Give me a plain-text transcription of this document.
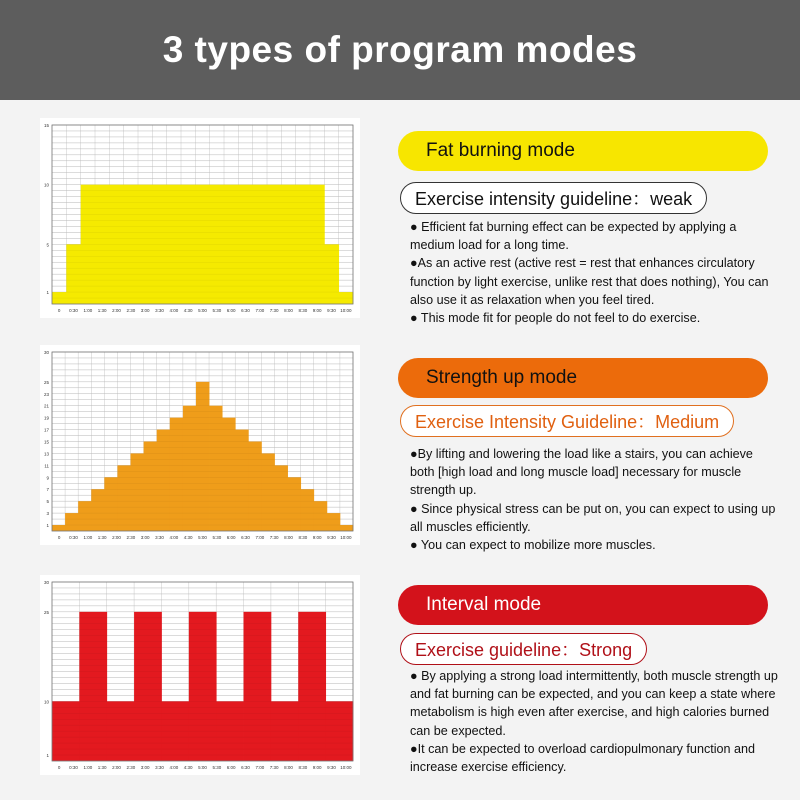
3 types of program modes
1
5
10
15
0 0:30 1:00 1:30 2:00 2:30 3:00 3:30 4:00 4:30 5:00 5:30 6:00 6:30 7:00 7:30 8:00 8:30 9:00 9:30 10:00
1
3
5
7
9
11
13
15
17
19
21
23
25
30
0 0:30 1:00 1:30 2:00 2:30 3:00 3:30 4:00 4:30 5:00 5:30 6:00 6:30 7:00 7:30 8:00 8:30 9:00 9:30 10:00
1
10
25
30
0 0:30 1:00 1:30 2:00 2:30 3:00 3:30 4:00 4:30 5:00 5:30 6:00 6:30 7:00 7:30 8:00 8:30 9:00 9:30 10:00
Fat burning mode
Exercise intensity guideline：weak

● Efficient fat burning effect can be expected by applying a medium load for a long time.

●As an active rest (active rest = rest that enhances circulatory function by light exercise, unlike rest that does nothing), You can also use it as relaxation when you feel tired.

● This mode fit for people do not feel to do exercise.

Strength up mode
Exercise Intensity Guideline：Medium

●By lifting and lowering the load like a stairs, you can achieve both [high load and long muscle load] necessary for muscle strength up.

● Since physical stress can be put on, you can expect to using up all muscles efficiently.

● You can expect to mobilize more muscles.

Interval mode
Exercise guideline：Strong

● By applying a strong load intermittently, both muscle strength up and fat burning can be expected, and you can keep a state where metabolism is high even after exercise, and high calories burned can be expected.

●It can be expected to overload cardiopulmonary function and increase exercise efficiency.
